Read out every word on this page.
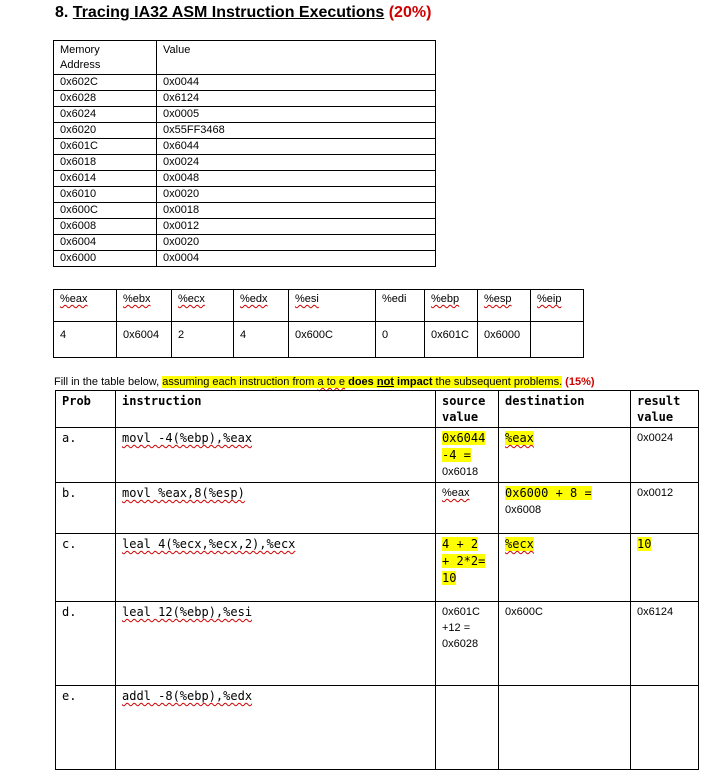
8. Tracing IA32 ASM Instruction Executions (20%)
Memory
Address	Value
0x602C	0x0044
0x6028	0x6124
0x6024	0x0005
0x6020	0x55FF3468
0x601C	0x6044
0x6018	0x0024
0x6014	0x0048
0x6010	0x0020
0x600C	0x0018
0x6008	0x0012
0x6004	0x0020
0x6000	0x0004
%eax	%ebx	%ecx	%edx	%esi	%edi	%ebp	%esp	%eip
4	0x6004	2	4	0x600C	0	0x601C	0x6000	
Fill in the table below, assuming each instruction from a to e does not impact the subsequent problems. (15%)
Prob	instruction	source
value	destination	result
value
a.	movl -4(%ebp),%eax	0x6044
-4 =
0x6018	%eax	0x0024
b.	movl %eax,8(%esp)	%eax	0x6000 + 8 =
0x6008	0x0012
c.	leal 4(%ecx,%ecx,2),%ecx	4 + 2
+ 2*2=
10	%ecx	10
d.	leal 12(%ebp),%esi	0x601C
+12 =
0x6028	0x600C	0x6124
e.	addl -8(%ebp),%edx			
